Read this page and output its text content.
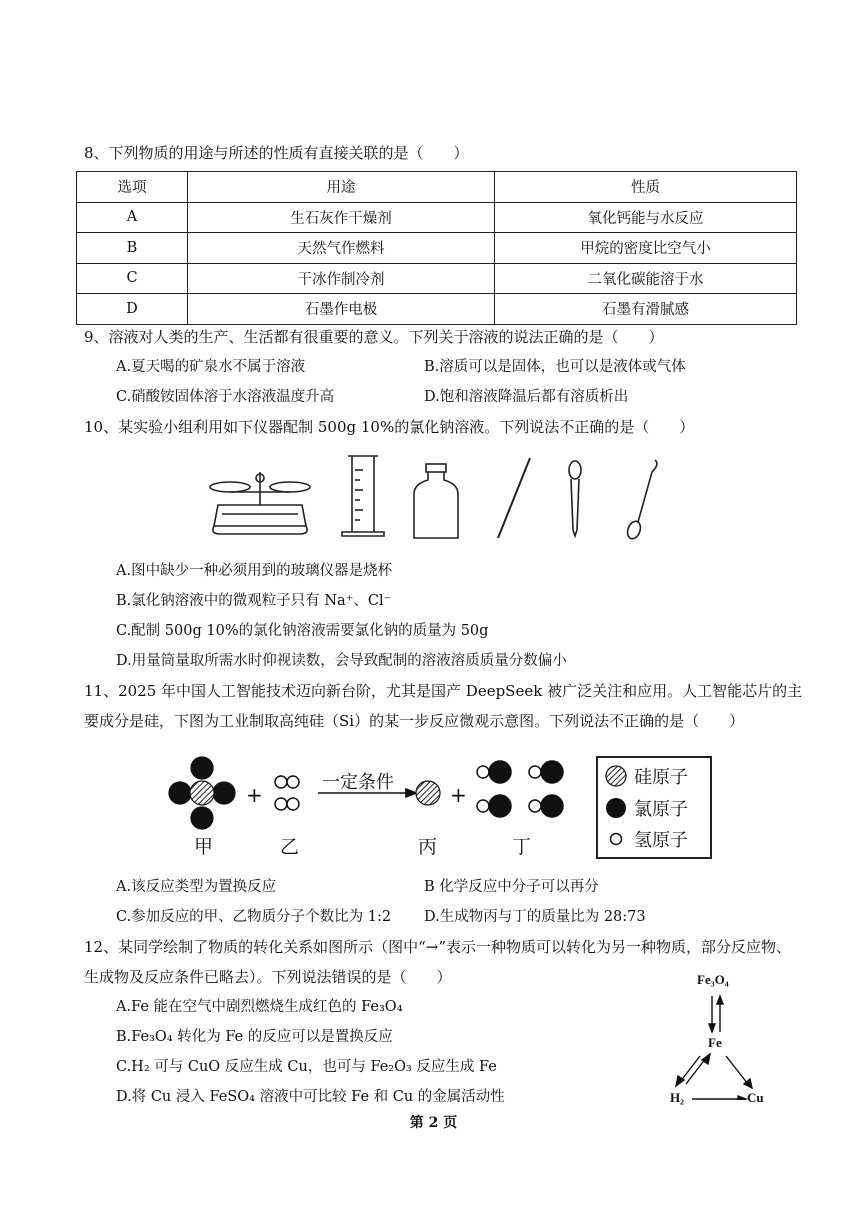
8、下列物质的用途与所述的性质有直接关联的是（　　）
选项	用途	性质
A	生石灰作干燥剂	氧化钙能与水反应
B	天然气作燃料	甲烷的密度比空气小
C	干冰作制冷剂	二氧化碳能溶于水
D	石墨作电极	石墨有滑腻感
9、溶液对人类的生产、生活都有很重要的意义。下列关于溶液的说法正确的是（　　）
A.夏天喝的矿泉水不属于溶液	B.溶质可以是固体，也可以是液体或气体
C.硝酸铵固体溶于水溶液温度升高	D.饱和溶液降温后都有溶质析出
10、某实验小组利用如下仪器配制 500g 10%的氯化钠溶液。下列说法不正确的是（　　）
A.图中缺少一种必须用到的玻璃仪器是烧杯
B.氯化钠溶液中的微观粒子只有 Na⁺、Cl⁻
C.配制 500g 10%的氯化钠溶液需要氯化钠的质量为 50g
D.用量筒量取所需水时仰视读数，会导致配制的溶液溶质质量分数偏小
11、2025 年中国人工智能技术迈向新台阶，尤其是国产 DeepSeek 被广泛关注和应用。人工智能芯片的主
要成分是硅，下图为工业制取高纯硅（Si）的某一步反应微观示意图。下列说法不正确的是（　　）
+	+
一定条件
甲	乙	丙	丁
硅原子
氯原子
氢原子
A.该反应类型为置换反应	B 化学反应中分子可以再分
C.参加反应的甲、乙物质分子个数比为 1:2 D.生成物丙与丁的质量比为 28:73
12、某同学绘制了物质的转化关系如图所示（图中“→”表示一种物质可以转化为另一种物质，部分反应物、
生成物及反应条件已略去）。下列说法错误的是（　　）
A.Fe 能在空气中剧烈燃烧生成红色的 Fe₃O₄
B.Fe₃O₄ 转化为 Fe 的反应可以是置换反应
C.H₂ 可与 CuO 反应生成 Cu，也可与 Fe₂O₃ 反应生成 Fe
D.将 Cu 浸入 FeSO₄ 溶液中可比较 Fe 和 Cu 的金属活动性
Fe₃O₄
Fe
H₂	Cu
第 2 页
